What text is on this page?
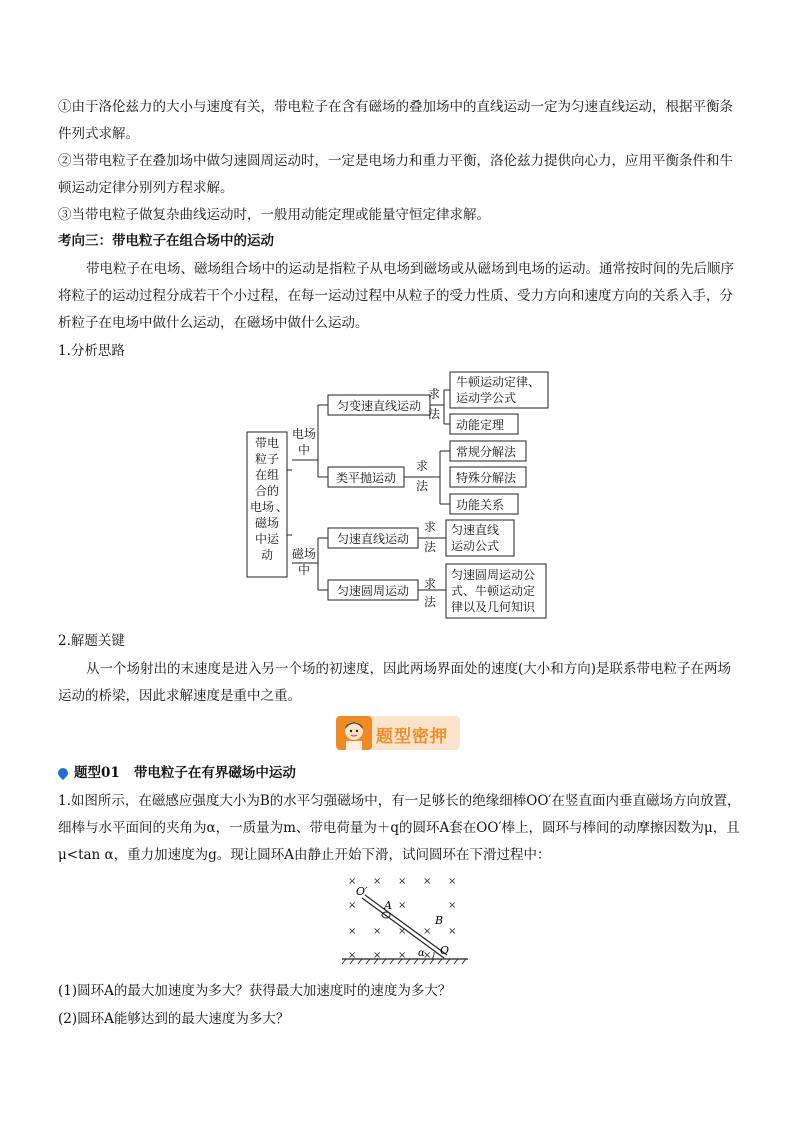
①由于洛伦兹力的大小与速度有关，带电粒子在含有磁场的叠加场中的直线运动一定为匀速直线运动，根据平衡条件列式求解。

②当带电粒子在叠加场中做匀速圆周运动时，一定是电场力和重力平衡，洛伦兹力提供向心力，应用平衡条件和牛顿运动定律分别列方程求解。

③当带电粒子做复杂曲线运动时，一般用动能定理或能量守恒定律求解。

考向三：带电粒子在组合场中的运动

带电粒子在电场、磁场组合场中的运动是指粒子从电场到磁场或从磁场到电场的运动。通常按时间的先后顺序将粒子的运动过程分成若干个小过程，在每一运动过程中从粒子的受力性质、受力方向和速度方向的关系入手，分析粒子在电场中做什么运动，在磁场中做什么运动。

1.分析思路

带电
粒子
在组
合的
电场 、
磁场
中运
动
电场
中
磁场
中
匀变速直线运动
类平抛运动
匀速直线运动
匀速圆周运动
求
法
求
法
求
法
求
法
牛顿运动定律、
运动学公式
动能定理
常规分解法
特殊分解法
功能关系
匀速直线
运动公式
匀速圆周运动公
式、牛顿运动定
律以及几何知识

2.解题关键

从一个场射出的末速度是进入另一个场的初速度，因此两场界面处的速度(大小和方向)是联系带电粒子在两场运动的桥梁，因此求解速度是重中之重。

题型密押
题型01 带电粒子在有界磁场中运动

1.如图所示，在磁感应强度大小为B的水平匀强磁场中，有一足够长的绝缘细棒OO′在竖直面内垂直磁场方向放置，细棒与水平面间的夹角为α，一质量为m、带电荷量为＋q的圆环A套在OO′棒上，圆环与棒间的动摩擦因数为μ，且μ<tan α，重力加速度为g。现让圆环A由静止开始下滑，试问圆环在下滑过程中：

× × × × ×
×	×
×
× × × × ×
× × × ×
O′
A
B
O
α

(1)圆环A的最大加速度为多大？获得最大加速度时的速度为多大？

(2)圆环A能够达到的最大速度为多大？
